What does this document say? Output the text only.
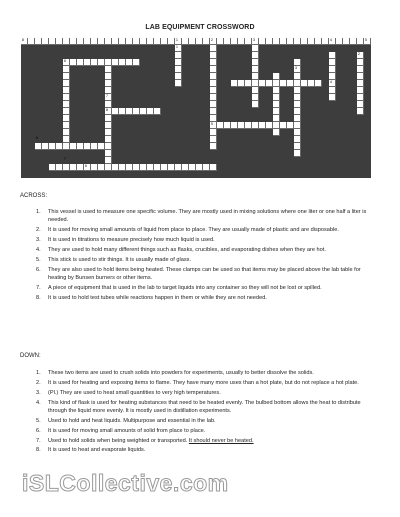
LAB EQUIPMENT CROSSWORD
8	1	2	3	4	5
1
6
2
3
4
7
8
5
6
7
6
ACROSS:
1. This vessel is used to measure one specific volume. They are mostly used in mixing solutions where one liter or one half a liter is needed.
2. It is used for moving small amounts of liquid from place to place. They are usually made of plastic and are disposable.
3. It is used in titrations to measure precisely how much liquid is used.
4. They are used to hold many different things such as flasks, crucibles, and evaporating dishes when they are hot.
5. This stick is used to stir things. It is usually made of glass.
6. They are also used to hold items being heated. These clamps can be used so that items may be placed above the lab table for heating by Bunsen burners or other items.
7. A piece of equipment that is used in the lab to target liquids into any container so they will not be lost or spilled.
8. It is used to hold test tubes while reactions happen in them or while they are not needed.
DOWN:
1. These two items are used to crush solids into powders for experiments, usually to better dissolve the solids.
2. It is used for heating and exposing items to flame. They have many more uses than a hot plate, but do not replace a hot plate.
3. (Pl.) They are used to heat small quantities to very high temperatures.
4. This kind of flask is used for heating substances that need to be heated evenly. The bulbed bottom allows the heat to distribute through the liquid more evenly. It is mostly used in distillation experiments.
5. Used to hold and heat liquids. Multipurpose and essential in the lab.
6. It is used for moving small amounts of solid from place to place.
7. Used to hold solids when being weighted or transported. It should never be heated.
8. It is used to heat and evaporate liquids.
iSLCollective.com
